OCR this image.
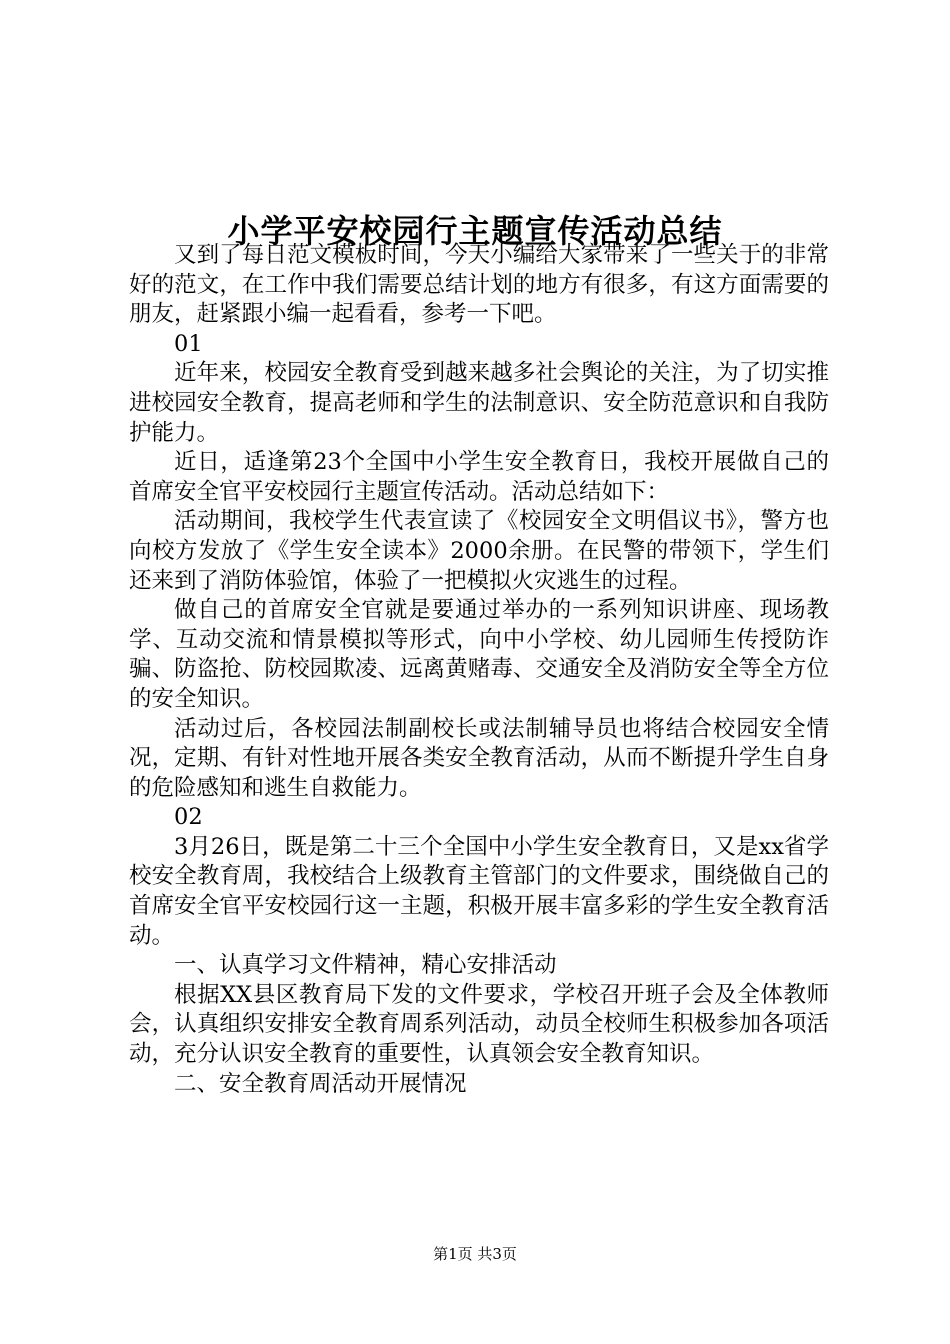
小学平安校园行主题宣传活动总结

又到了每日范文模板时间，今天小编给大家带来了一些关于的非常好的范文，在工作中我们需要总结计划的地方有很多，有这方面需要的朋友，赶紧跟小编一起看看，参考一下吧。

01

近年来，校园安全教育受到越来越多社会舆论的关注，为了切实推进校园安全教育，提高老师和学生的法制意识、安全防范意识和自我防护能力。

近日，适逢第23个全国中小学生安全教育日，我校开展做自己的首席安全官平安校园行主题宣传活动。活动总结如下：

活动期间，我校学生代表宣读了《校园安全文明倡议书》，警方也向校方发放了《学生安全读本》2000余册。在民警的带领下，学生们还来到了消防体验馆，体验了一把模拟火灾逃生的过程。

做自己的首席安全官就是要通过举办的一系列知识讲座、现场教学、互动交流和情景模拟等形式，向中小学校、幼儿园师生传授防诈骗、防盗抢、防校园欺凌、远离黄赌毒、交通安全及消防安全等全方位的安全知识。

活动过后，各校园法制副校长或法制辅导员也将结合校园安全情况，定期、有针对性地开展各类安全教育活动，从而不断提升学生自身的危险感知和逃生自救能力。

02

3月26日，既是第二十三个全国中小学生安全教育日，又是xx省学校安全教育周，我校结合上级教育主管部门的文件要求，围绕做自己的首席安全官平安校园行这一主题，积极开展丰富多彩的学生安全教育活动。

一、认真学习文件精神，精心安排活动

根据XX县区教育局下发的文件要求，学校召开班子会及全体教师会，认真组织安排安全教育周系列活动，动员全校师生积极参加各项活动，充分认识安全教育的重要性，认真领会安全教育知识。

二、安全教育周活动开展情况

第1页 共3页
